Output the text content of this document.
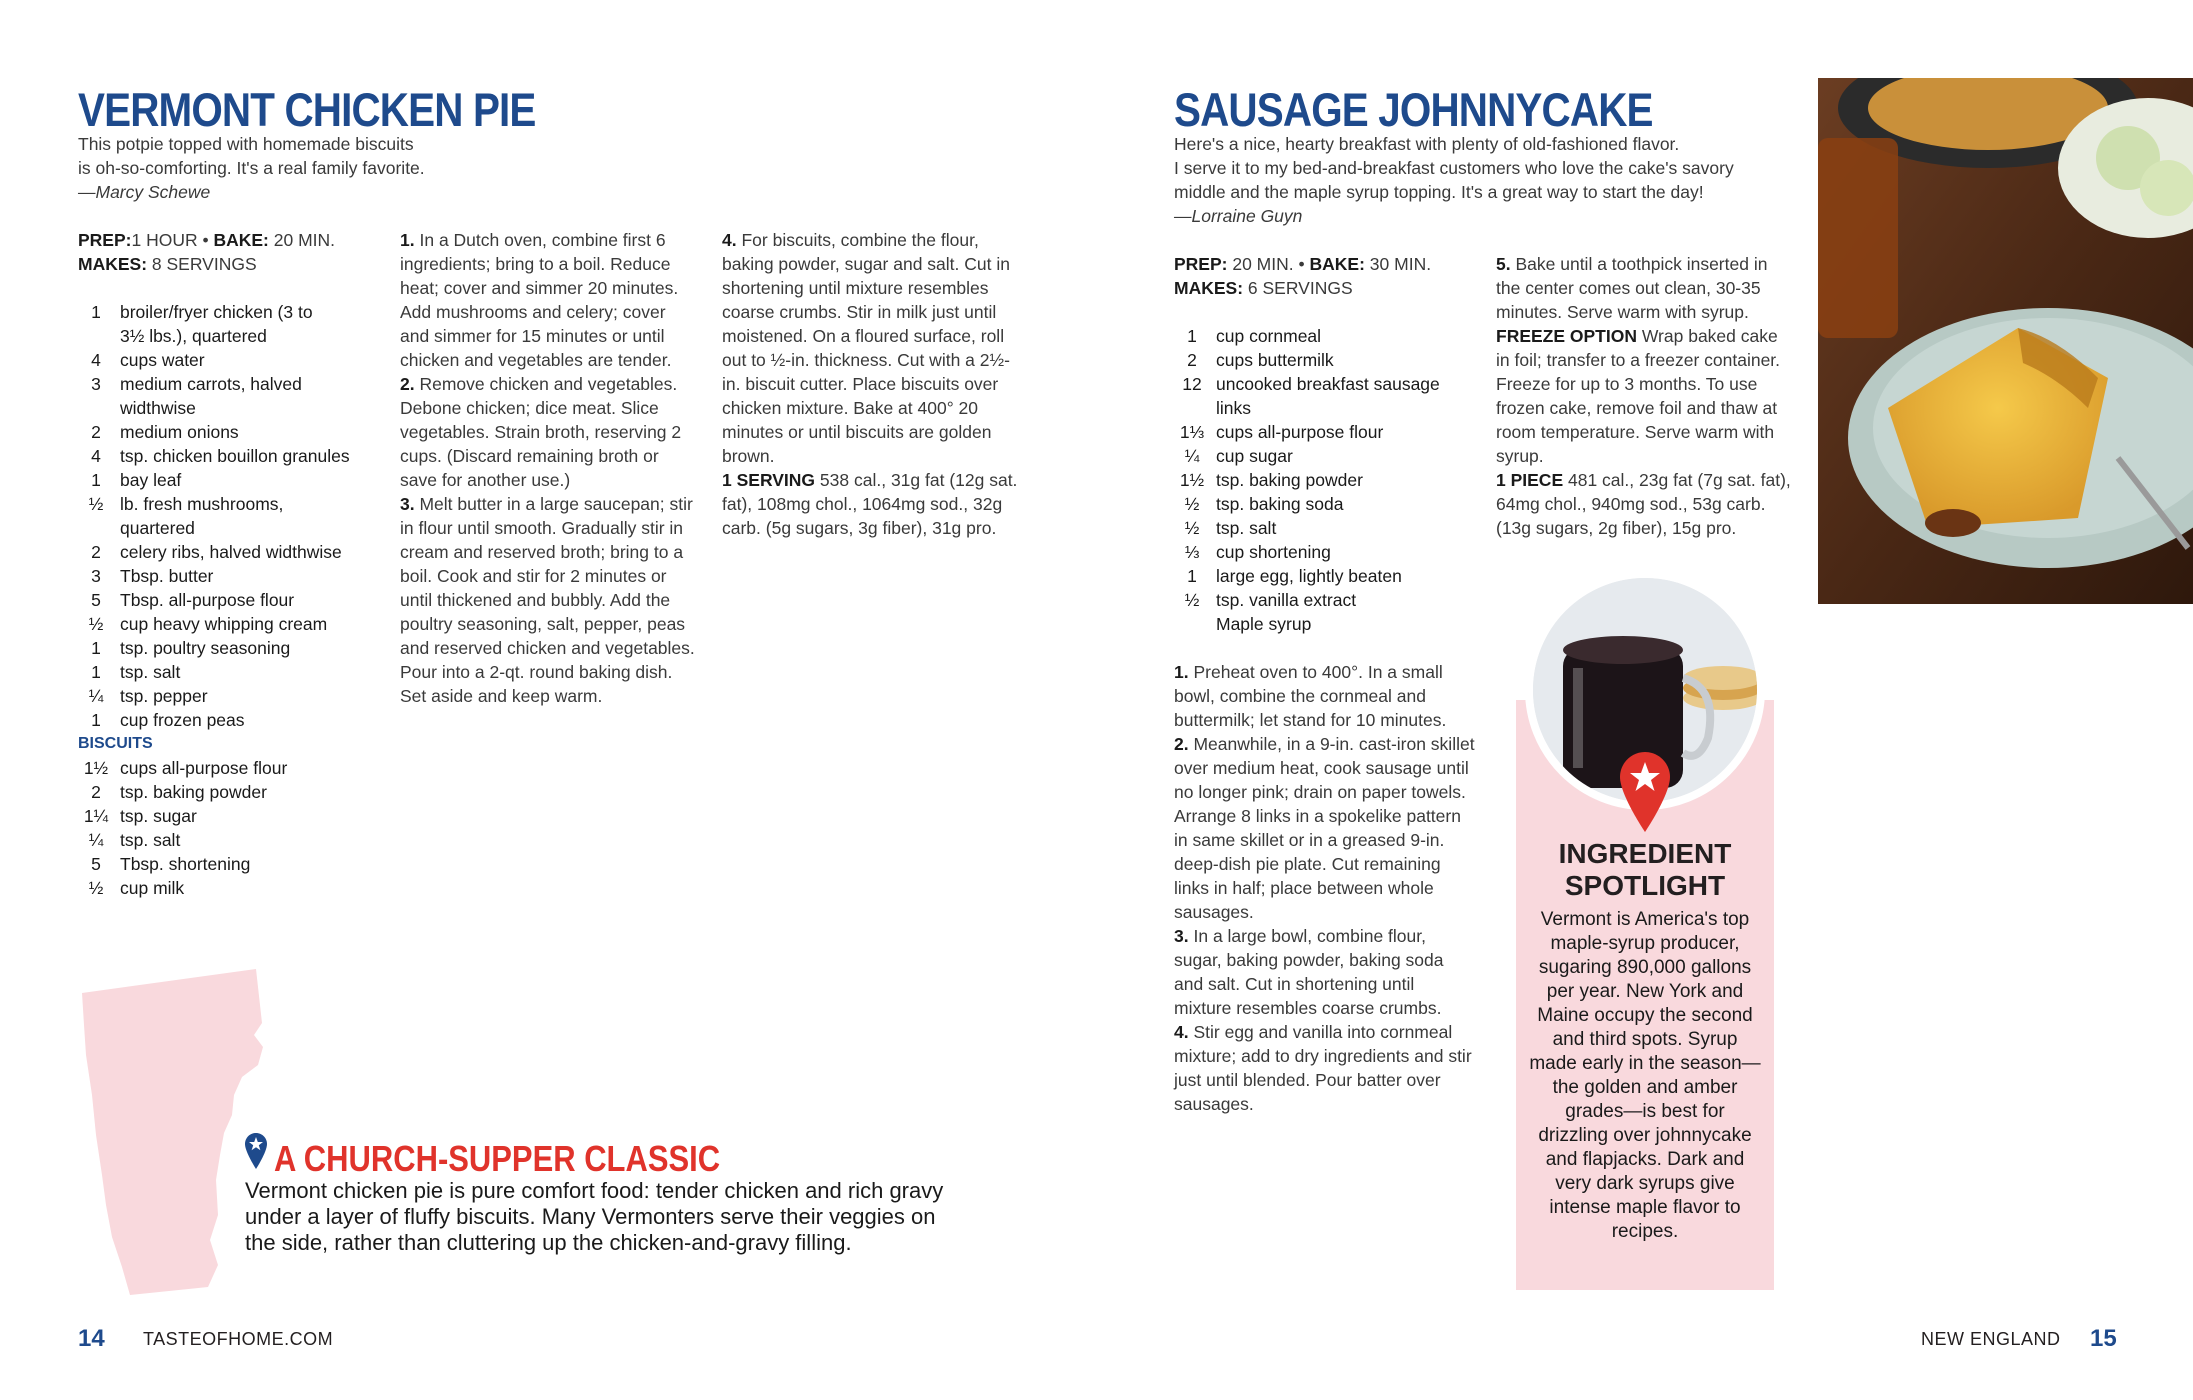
VERMONT CHICKEN PIE
This potpie topped with homemade biscuits
is oh-so-comforting. It's a real family favorite.
—Marcy Schewe
PREP:1 HOUR • BAKE: 20 MIN.
MAKES: 8 SERVINGS
1	broiler/fryer chicken (3 to
3½ lbs.), quartered
4	cups water
3	medium carrots, halved
widthwise
2	medium onions
4	tsp. chicken bouillon granules
1	bay leaf
½ lb. fresh mushrooms,
quartered
2	celery ribs, halved widthwise
3	Tbsp. butter
5	Tbsp. all-purpose flour
½ cup heavy whipping cream
1	tsp. poultry seasoning
1	tsp. salt
¼ tsp. pepper
1	cup frozen peas
BISCUITS
1½ cups all-purpose flour
2	tsp. baking powder
1¼ tsp. sugar
¼ tsp. salt
5	Tbsp. shortening
½ cup milk
1. In a Dutch oven, combine first 6 ingredients; bring to a boil. Reduce heat; cover and simmer 20 minutes. Add mushrooms and celery; cover and simmer for 15 minutes or until chicken and vegetables are tender.
2. Remove chicken and vegetables. Debone chicken; dice meat. Slice vegetables. Strain broth, reserving 2 cups. (Discard remaining broth or save for another use.)
3. Melt butter in a large saucepan; stir in flour until smooth. Gradually stir in cream and reserved broth; bring to a boil. Cook and stir for 2 minutes or until thickened and bubbly. Add the poultry seasoning, salt, pepper, peas and reserved chicken and vegetables. Pour into a 2-qt. round baking dish. Set aside and keep warm.
4. For biscuits, combine the flour, baking powder, sugar and salt. Cut in shortening until mixture resembles coarse crumbs. Stir in milk just until moistened. On a floured surface, roll out to ½-in. thickness. Cut with a 2½-in. biscuit cutter. Place biscuits over chicken mixture. Bake at 400° 20 minutes or until biscuits are golden brown.
1 SERVING 538 cal., 31g fat (12g sat. fat), 108mg chol., 1064mg sod., 32g carb. (5g sugars, 3g fiber), 31g pro.
A CHURCH-SUPPER CLASSIC
Vermont chicken pie is pure comfort food: tender chicken and rich gravy under a layer of fluffy biscuits. Many Vermonters serve their veggies on the side, rather than cluttering up the chicken-and-gravy filling.
14 TASTEOFHOME.COM
SAUSAGE JOHNNYCAKE
Here's a nice, hearty breakfast with plenty of old-fashioned flavor.
I serve it to my bed-and-breakfast customers who love the cake's savory
middle and the maple syrup topping. It's a great way to start the day!
—Lorraine Guyn
PREP: 20 MIN. • BAKE: 30 MIN.
MAKES: 6 SERVINGS
1	cup cornmeal
2	cups buttermilk
12 uncooked breakfast sausage
links
1⅓ cups all-purpose flour
¼ cup sugar
1½ tsp. baking powder
½ tsp. baking soda
½ tsp. salt
⅓ cup shortening
1	large egg, lightly beaten
½ tsp. vanilla extract
Maple syrup
1. Preheat oven to 400°. In a small bowl, combine the cornmeal and buttermilk; let stand for 10 minutes.
2. Meanwhile, in a 9-in. cast-iron skillet over medium heat, cook sausage until no longer pink; drain on paper towels. Arrange 8 links in a spokelike pattern in same skillet or in a greased 9-in. deep-dish pie plate. Cut remaining links in half; place between whole sausages.
3. In a large bowl, combine flour, sugar, baking powder, baking soda and salt. Cut in shortening until mixture resembles coarse crumbs.
4. Stir egg and vanilla into cornmeal mixture; add to dry ingredients and stir just until blended. Pour batter over sausages.
5. Bake until a toothpick inserted in the center comes out clean, 30-35 minutes. Serve warm with syrup.
FREEZE OPTION Wrap baked cake in foil; transfer to a freezer container. Freeze for up to 3 months. To use frozen cake, remove foil and thaw at room temperature. Serve warm with syrup.
1 PIECE 481 cal., 23g fat (7g sat. fat), 64mg chol., 940mg sod., 53g carb. (13g sugars, 2g fiber), 15g pro.
INGREDIENT SPOTLIGHT
Vermont is America's top maple-syrup producer, sugaring 890,000 gallons per year. New York and Maine occupy the second and third spots. Syrup made early in the season—the golden and amber grades—is best for drizzling over johnnycake and flapjacks. Dark and very dark syrups give intense maple flavor to recipes.
NEW ENGLAND 15
